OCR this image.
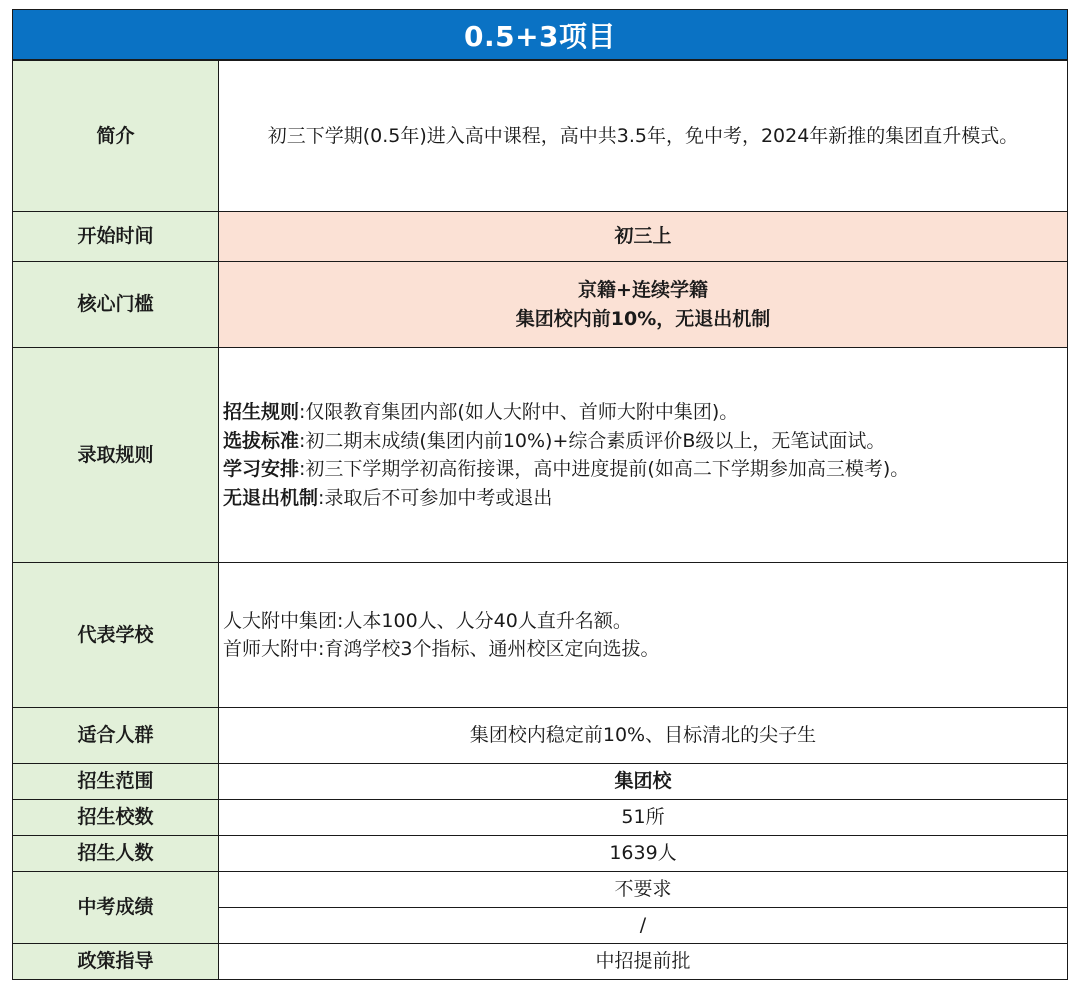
0.5+3项目
简介	初三下学期(0.5年)进入高中课程，高中共3.5年，免中考，2024年新推的集团直升模式。
开始时间	初三上
核心门槛	京籍+连续学籍
集团校内前10%，无退出机制

录取规则	招生规则:仅限教育集团内部(如人大附中、首师大附中集团)。
选拔标准:初二期末成绩(集团内前10%)+综合素质评价B级以上，无笔试面试。
学习安排:初三下学期学初高衔接课，高中进度提前(如高二下学期参加高三模考)。
无退出机制:录取后不可参加中考或退出

代表学校	人大附中集团:人本100人、人分40人直升名额。
首师大附中:育鸿学校3个指标、通州校区定向选拔。

适合人群	集团校内稳定前10%、目标清北的尖子生
招生范围	集团校
招生校数	51所
招生人数	1639人
中考成绩	不要求
	/
政策指导	中招提前批
